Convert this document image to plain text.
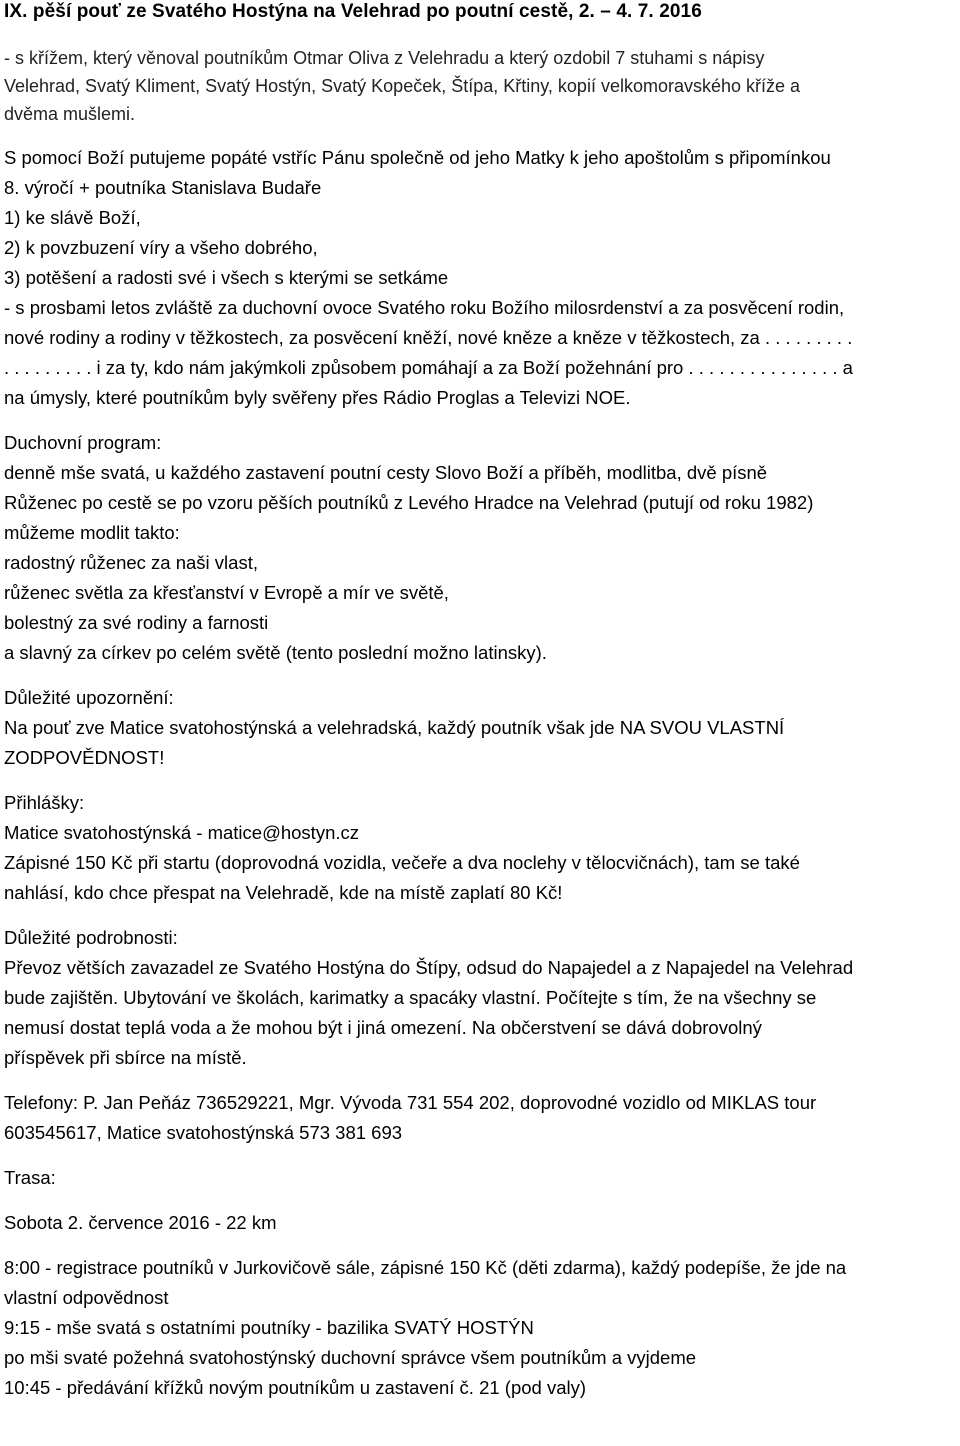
IX. pěší pouť ze Svatého Hostýna na Velehrad po poutní cestě, 2. – 4. 7. 2016
- s křížem, který věnoval poutníkům Otmar Oliva z Velehradu a který ozdobil 7 stuhami s nápisy
Velehrad, Svatý Kliment, Svatý Hostýn, Svatý Kopeček, Štípa, Křtiny, kopií velkomoravského kříže a
dvěma mušlemi.
S pomocí Boží putujeme popáté vstříc Pánu společně od jeho Matky k jeho apoštolům s připomínkou
8. výročí + poutníka Stanislava Budaře
1) ke slávě Boží,
2) k povzbuzení víry a všeho dobrého,
3) potěšení a radosti své i všech s kterými se setkáme
- s prosbami letos zvláště za duchovní ovoce Svatého roku Božího milosrdenství a za posvěcení rodin,
nové rodiny a rodiny v těžkostech, za posvěcení kněží, nové kněze a kněze v těžkostech, za . . . . . . . . .
. . . . . . . . . i za ty, kdo nám jakýmkoli způsobem pomáhají a za Boží požehnání pro . . . . . . . . . . . . . . . a
na úmysly, které poutníkům byly svěřeny přes Rádio Proglas a Televizi NOE.
Duchovní program:
denně mše svatá, u každého zastavení poutní cesty Slovo Boží a příběh, modlitba, dvě písně
Růženec po cestě se po vzoru pěších poutníků z Levého Hradce na Velehrad (putují od roku 1982)
můžeme modlit takto:
radostný růženec za naši vlast,
růženec světla za křesťanství v Evropě a mír ve světě,
bolestný za své rodiny a farnosti
a slavný za církev po celém světě (tento poslední možno latinsky).
Důležité upozornění:
Na pouť zve Matice svatohostýnská a velehradská, každý poutník však jde NA SVOU VLASTNÍ
ZODPOVĚDNOST!
Přihlášky:
Matice svatohostýnská - matice@hostyn.cz
Zápisné 150 Kč při startu (doprovodná vozidla, večeře a dva noclehy v tělocvičnách), tam se také
nahlásí, kdo chce přespat na Velehradě, kde na místě zaplatí 80 Kč!
Důležité podrobnosti:
Převoz větších zavazadel ze Svatého Hostýna do Štípy, odsud do Napajedel a z Napajedel na Velehrad
bude zajištěn. Ubytování ve školách, karimatky a spacáky vlastní. Počítejte s tím, že na všechny se
nemusí dostat teplá voda a že mohou být i jiná omezení. Na občerstvení se dává dobrovolný
příspěvek při sbírce na místě.
Telefony: P. Jan Peňáz 736529221, Mgr. Vývoda 731 554 202, doprovodné vozidlo od MIKLAS tour
603545617, Matice svatohostýnská 573 381 693
Trasa:
Sobota 2. července 2016 - 22 km
8:00 - registrace poutníků v Jurkovičově sále, zápisné 150 Kč (děti zdarma), každý podepíše, že jde na
vlastní odpovědnost
9:15 - mše svatá s ostatními poutníky - bazilika SVATÝ HOSTÝN
po mši svaté požehná svatohostýnský duchovní správce všem poutníkům a vyjdeme
10:45 - předávání křížků novým poutníkům u zastavení č. 21 (pod valy)
